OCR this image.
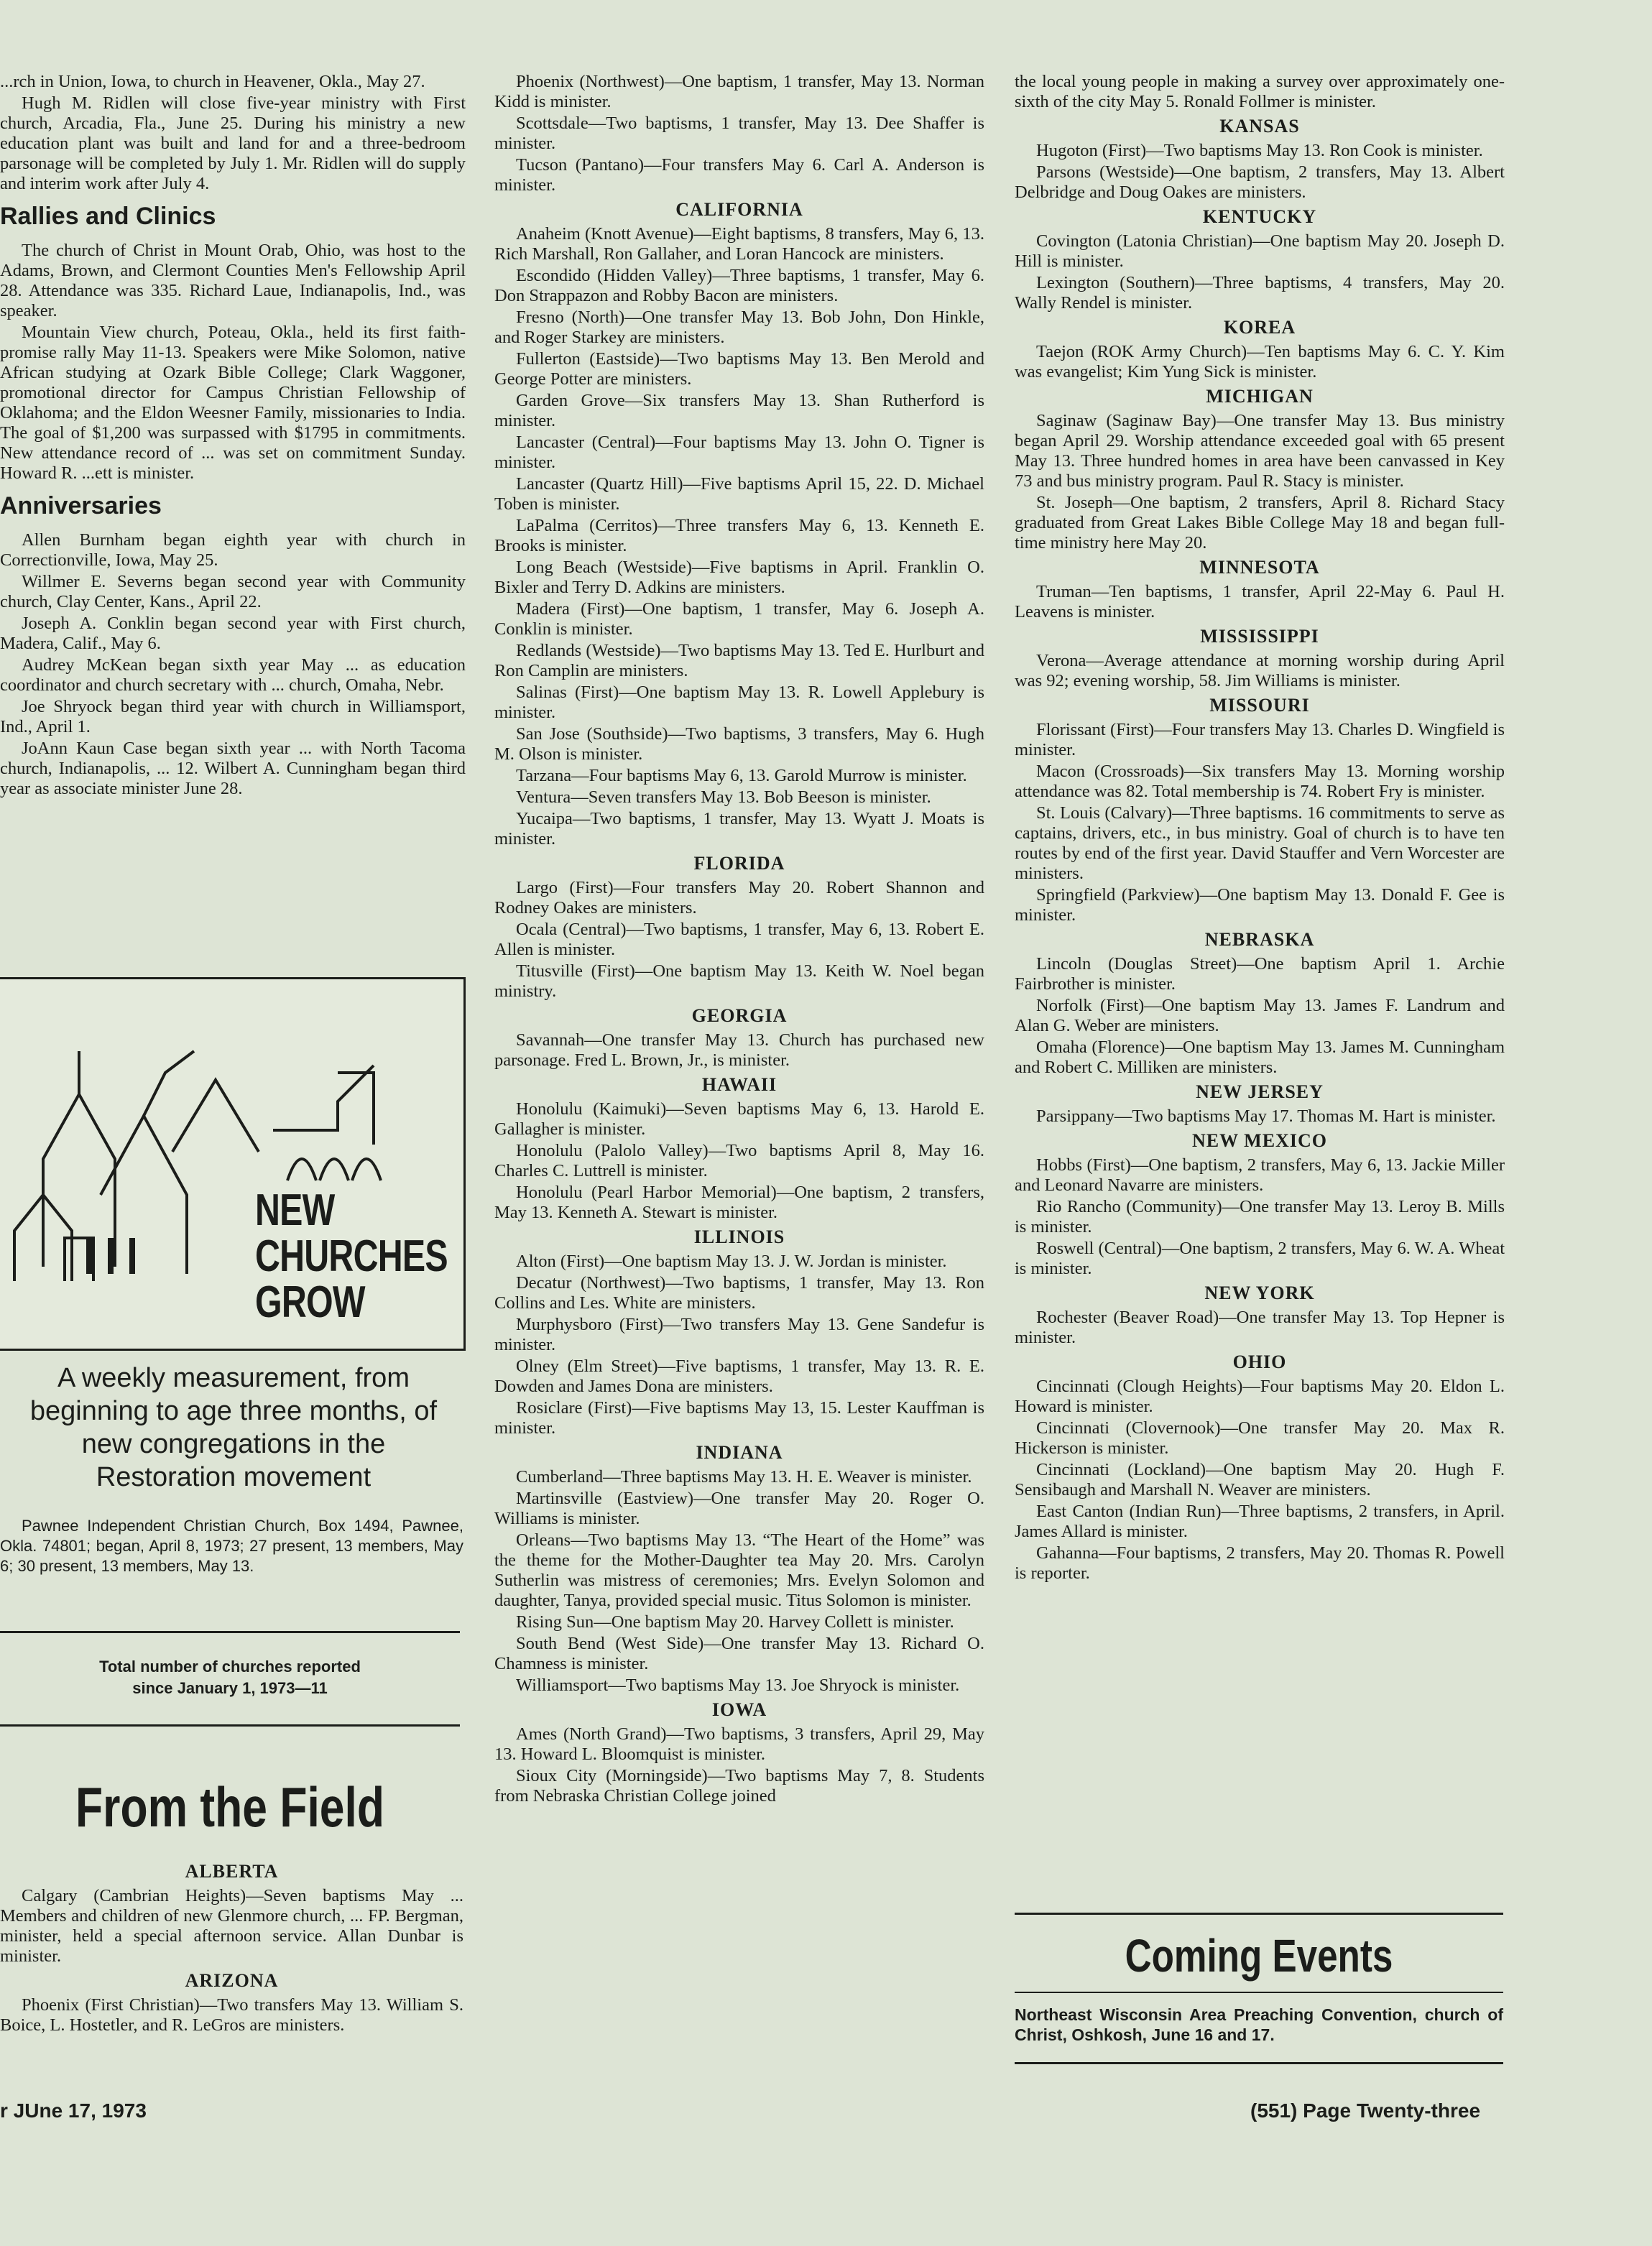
...rch in Union, Iowa, to church in Heavener, Okla., May 27.

Hugh M. Ridlen will close five-year ministry with First church, Arcadia, Fla., June 25. During his ministry a new education plant was built and land for and a three-bedroom parsonage will be completed by July 1. Mr. Ridlen will do supply and interim work after July 4.

Rallies and Clinics

The church of Christ in Mount Orab, Ohio, was host to the Adams, Brown, and Clermont Counties Men's Fellowship April 28. Attendance was 335. Richard Laue, Indianapolis, Ind., was speaker.

Mountain View church, Poteau, Okla., held its first faith-promise rally May 11-13. Speakers were Mike Solomon, native African studying at Ozark Bible College; Clark Waggoner, promotional director for Campus Christian Fellowship of Oklahoma; and the Eldon Weesner Family, missionaries to India. The goal of $1,200 was surpassed with $1795 in commitments. New attendance record of ... was set on commitment Sunday. Howard R. ...ett is minister.

Anniversaries

Allen Burnham began eighth year with church in Correctionville, Iowa, May 25.

Willmer E. Severns began second year with Community church, Clay Center, Kans., April 22.

Joseph A. Conklin began second year with First church, Madera, Calif., May 6.

Audrey McKean began sixth year May ... as education coordinator and church secretary with ... church, Omaha, Nebr.

Joe Shryock began third year with church in Williamsport, Ind., April 1.

JoAnn Kaun Case began sixth year ... with North Tacoma church, Indianapolis, ... 12. Wilbert A. Cunningham began third year as associate minister June 28.

NEW
CHURCHES
GROW

A weekly measurement, from beginning to age three months, of new congregations in the Restoration movement

Pawnee Independent Christian Church, Box 1494, Pawnee, Okla. 74801; began, April 8, 1973; 27 present, 13 members, May 6; 30 present, 13 members, May 13.

Total number of churches reported
since January 1, 1973—11
From the Field
ALBERTA

Calgary (Cambrian Heights)—Seven baptisms May ... Members and children of new Glenmore church, ... FP. Bergman, minister, held a special afternoon service. Allan Dunbar is minister.

ARIZONA

Phoenix (First Christian)—Two transfers May 13. William S. Boice, L. Hostetler, and R. LeGros are ministers.

Phoenix (Northwest)—One baptism, 1 transfer, May 13. Norman Kidd is minister.

Scottsdale—Two baptisms, 1 transfer, May 13. Dee Shaffer is minister.

Tucson (Pantano)—Four transfers May 6. Carl A. Anderson is minister.

CALIFORNIA

Anaheim (Knott Avenue)—Eight baptisms, 8 transfers, May 6, 13. Rich Marshall, Ron Gallaher, and Loran Hancock are ministers.

Escondido (Hidden Valley)—Three baptisms, 1 transfer, May 6. Don Strappazon and Robby Bacon are ministers.

Fresno (North)—One transfer May 13. Bob John, Don Hinkle, and Roger Starkey are ministers.

Fullerton (Eastside)—Two baptisms May 13. Ben Merold and George Potter are ministers.

Garden Grove—Six transfers May 13. Shan Rutherford is minister.

Lancaster (Central)—Four baptisms May 13. John O. Tigner is minister.

Lancaster (Quartz Hill)—Five baptisms April 15, 22. D. Michael Toben is minister.

LaPalma (Cerritos)—Three transfers May 6, 13. Kenneth E. Brooks is minister.

Long Beach (Westside)—Five baptisms in April. Franklin O. Bixler and Terry D. Adkins are ministers.

Madera (First)—One baptism, 1 transfer, May 6. Joseph A. Conklin is minister.

Redlands (Westside)—Two baptisms May 13. Ted E. Hurlburt and Ron Camplin are ministers.

Salinas (First)—One baptism May 13. R. Lowell Applebury is minister.

San Jose (Southside)—Two baptisms, 3 transfers, May 6. Hugh M. Olson is minister.

Tarzana—Four baptisms May 6, 13. Garold Murrow is minister.

Ventura—Seven transfers May 13. Bob Beeson is minister.

Yucaipa—Two baptisms, 1 transfer, May 13. Wyatt J. Moats is minister.

FLORIDA

Largo (First)—Four transfers May 20. Robert Shannon and Rodney Oakes are ministers.

Ocala (Central)—Two baptisms, 1 transfer, May 6, 13. Robert E. Allen is minister.

Titusville (First)—One baptism May 13. Keith W. Noel began ministry.

GEORGIA

Savannah—One transfer May 13. Church has purchased new parsonage. Fred L. Brown, Jr., is minister.

HAWAII

Honolulu (Kaimuki)—Seven baptisms May 6, 13. Harold E. Gallagher is minister.

Honolulu (Palolo Valley)—Two baptisms April 8, May 16. Charles C. Luttrell is minister.

Honolulu (Pearl Harbor Memorial)—One baptism, 2 transfers, May 13. Kenneth A. Stewart is minister.

ILLINOIS

Alton (First)—One baptism May 13. J. W. Jordan is minister.

Decatur (Northwest)—Two baptisms, 1 transfer, May 13. Ron Collins and Les. White are ministers.

Murphysboro (First)—Two transfers May 13. Gene Sandefur is minister.

Olney (Elm Street)—Five baptisms, 1 transfer, May 13. R. E. Dowden and James Dona are ministers.

Rosiclare (First)—Five baptisms May 13, 15. Lester Kauffman is minister.

INDIANA

Cumberland—Three baptisms May 13. H. E. Weaver is minister.

Martinsville (Eastview)—One transfer May 20. Roger O. Williams is minister.

Orleans—Two baptisms May 13. “The Heart of the Home” was the theme for the Mother-Daughter tea May 20. Mrs. Carolyn Sutherlin was mistress of ceremonies; Mrs. Evelyn Solomon and daughter, Tanya, provided special music. Titus Solomon is minister.

Rising Sun—One baptism May 20. Harvey Collett is minister.

South Bend (West Side)—One transfer May 13. Richard O. Chamness is minister.

Williamsport—Two baptisms May 13. Joe Shryock is minister.

IOWA

Ames (North Grand)—Two baptisms, 3 transfers, April 29, May 13. Howard L. Bloomquist is minister.

Sioux City (Morningside)—Two baptisms May 7, 8. Students from Nebraska Christian College joined

the local young people in making a survey over approximately one-sixth of the city May 5. Ronald Follmer is minister.

KANSAS

Hugoton (First)—Two baptisms May 13. Ron Cook is minister.

Parsons (Westside)—One baptism, 2 transfers, May 13. Albert Delbridge and Doug Oakes are ministers.

KENTUCKY

Covington (Latonia Christian)—One baptism May 20. Joseph D. Hill is minister.

Lexington (Southern)—Three baptisms, 4 transfers, May 20. Wally Rendel is minister.

KOREA

Taejon (ROK Army Church)—Ten baptisms May 6. C. Y. Kim was evangelist; Kim Yung Sick is minister.

MICHIGAN

Saginaw (Saginaw Bay)—One transfer May 13. Bus ministry began April 29. Worship attendance exceeded goal with 65 present May 13. Three hundred homes in area have been canvassed in Key 73 and bus ministry program. Paul R. Stacy is minister.

St. Joseph—One baptism, 2 transfers, April 8. Richard Stacy graduated from Great Lakes Bible College May 18 and began full-time ministry here May 20.

MINNESOTA

Truman—Ten baptisms, 1 transfer, April 22-May 6. Paul H. Leavens is minister.

MISSISSIPPI

Verona—Average attendance at morning worship during April was 92; evening worship, 58. Jim Williams is minister.

MISSOURI

Florissant (First)—Four transfers May 13. Charles D. Wingfield is minister.

Macon (Crossroads)—Six transfers May 13. Morning worship attendance was 82. Total membership is 74. Robert Fry is minister.

St. Louis (Calvary)—Three baptisms. 16 commitments to serve as captains, drivers, etc., in bus ministry. Goal of church is to have ten routes by end of the first year. David Stauffer and Vern Worcester are ministers.

Springfield (Parkview)—One baptism May 13. Donald F. Gee is minister.

NEBRASKA

Lincoln (Douglas Street)—One baptism April 1. Archie Fairbrother is minister.

Norfolk (First)—One baptism May 13. James F. Landrum and Alan G. Weber are ministers.

Omaha (Florence)—One baptism May 13. James M. Cunningham and Robert C. Milliken are ministers.

NEW JERSEY

Parsippany—Two baptisms May 17. Thomas M. Hart is minister.

NEW MEXICO

Hobbs (First)—One baptism, 2 transfers, May 6, 13. Jackie Miller and Leonard Navarre are ministers.

Rio Rancho (Community)—One transfer May 13. Leroy B. Mills is minister.

Roswell (Central)—One baptism, 2 transfers, May 6. W. A. Wheat is minister.

NEW YORK

Rochester (Beaver Road)—One transfer May 13. Top Hepner is minister.

OHIO

Cincinnati (Clough Heights)—Four baptisms May 20. Eldon L. Howard is minister.

Cincinnati (Clovernook)—One transfer May 20. Max R. Hickerson is minister.

Cincinnati (Lockland)—One baptism May 20. Hugh F. Sensibaugh and Marshall N. Weaver are ministers.

East Canton (Indian Run)—Three baptisms, 2 transfers, in April. James Allard is minister.

Gahanna—Four baptisms, 2 transfers, May 20. Thomas R. Powell is reporter.

Coming Events

Northeast Wisconsin Area Preaching Convention, church of Christ, Oshkosh, June 16 and 17.

r JUne 17, 1973	(551) Page Twenty-three
